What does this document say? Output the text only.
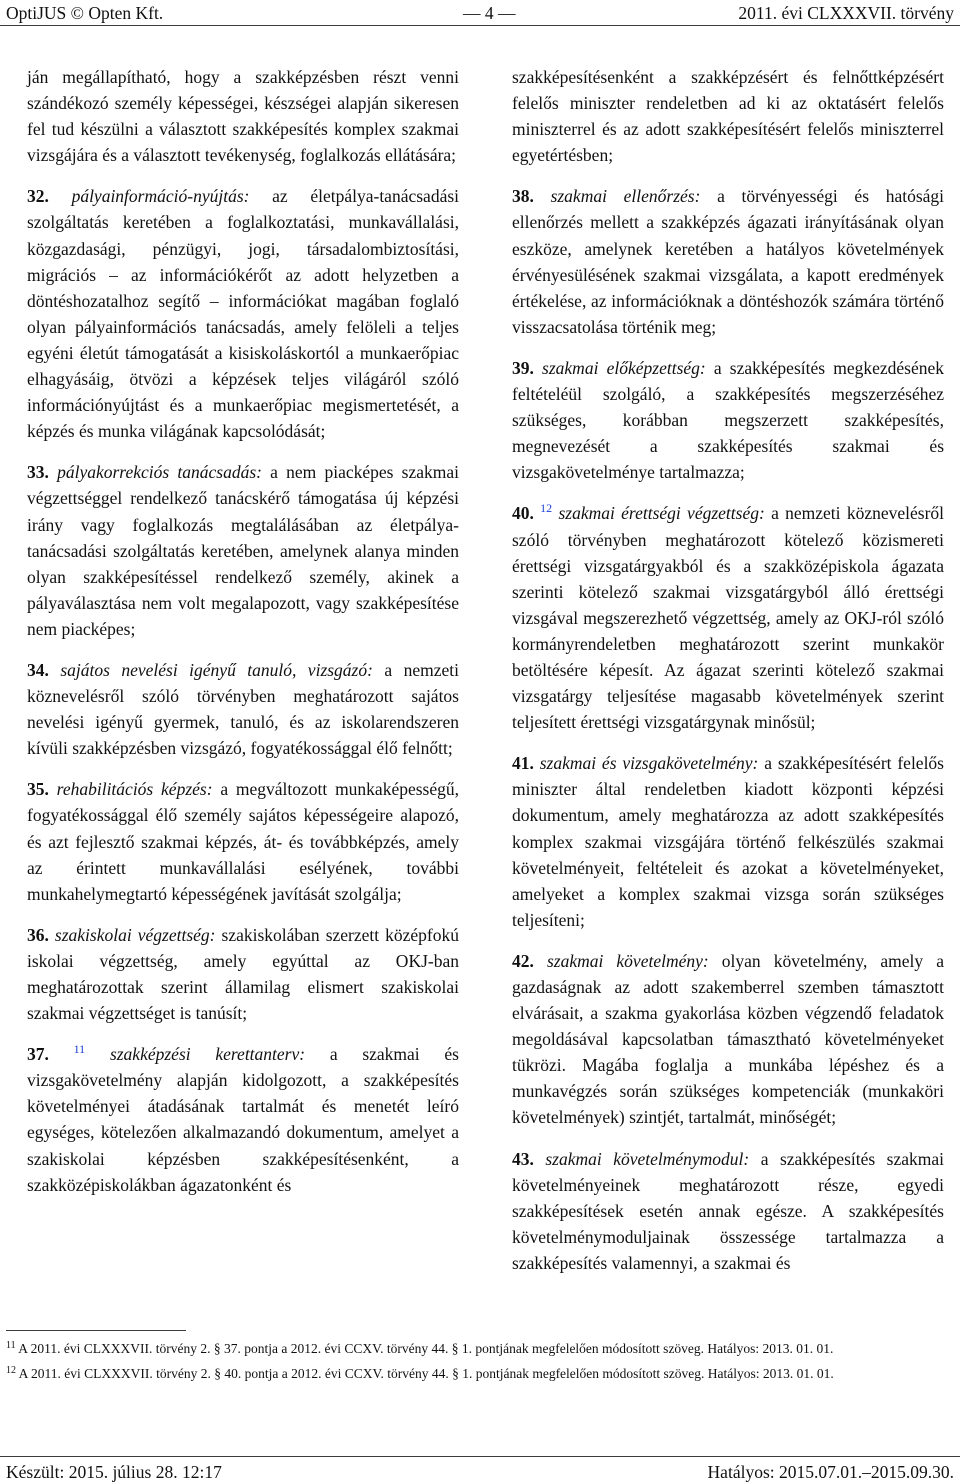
OptiJUS © Opten Kft.	— 4 —	2011. évi CLXXXVII. törvény

ján megállapítható, hogy a szakképzésben részt venni szándékozó személy képességei, készségei alapján sikeresen fel tud készülni a választott szakképesítés komplex szakmai vizsgájára és a választott tevékenység, foglalkozás ellátására;

32. pályainformáció-nyújtás: az életpálya-tanácsadási szolgáltatás keretében a foglalkoztatási, munkavállalási, közgazdasági, pénzügyi, jogi, társadalombiztosítási, migrációs – az információkérőt az adott helyzetben a döntéshozatalhoz segítő – információkat magában foglaló olyan pályainformációs tanácsadás, amely felöleli a teljes egyéni életút támogatását a kisiskoláskortól a munkaerőpiac elhagyásáig, ötvözi a képzések teljes világáról szóló információnyújtást és a munkaerőpiac megismertetését, a képzés és munka világának kapcsolódását;

33. pályakorrekciós tanácsadás: a nem piacképes szakmai végzettséggel rendelkező tanácskérő támogatása új képzési irány vagy foglalkozás megtalálásában az életpálya-tanácsadási szolgáltatás keretében, amelynek alanya minden olyan szakképesítéssel rendelkező személy, akinek a pályaválasztása nem volt megalapozott, vagy szakképesítése nem piacképes;

34. sajátos nevelési igényű tanuló, vizsgázó: a nemzeti köznevelésről szóló törvényben meghatározott sajátos nevelési igényű gyermek, tanuló, és az iskolarendszeren kívüli szakképzésben vizsgázó, fogyatékossággal élő felnőtt;

35. rehabilitációs képzés: a megváltozott munkaképességű, fogyatékossággal élő személy sajátos képességeire alapozó, és azt fejlesztő szakmai képzés, át- és továbbképzés, amely az érintett munkavállalási esélyének, további munkahelymegtartó képességének javítását szolgálja;

36. szakiskolai végzettség: szakiskolában szerzett középfokú iskolai végzettség, amely egyúttal az OKJ-ban meghatározottak szerint államilag elismert szakiskolai szakmai végzettséget is tanúsít;

37. $^{11}$ szakképzési kerettanterv: a szakmai és vizsgakövetelmény alapján kidolgozott, a szakképesítés követelményei átadásának tartalmát és menetét leíró egységes, kötelezően alkalmazandó dokumentum, amelyet a szakiskolai képzésben szakképesítésenként, a szakközépiskolákban ágazatonként és

szakképesítésenként a szakképzésért és felnőttképzésért felelős miniszter rendeletben ad ki az oktatásért felelős miniszterrel és az adott szakképesítésért felelős miniszterrel egyetértésben;

38. szakmai ellenőrzés: a törvényességi és hatósági ellenőrzés mellett a szakképzés ágazati irányításának olyan eszköze, amelynek keretében a hatályos követelmények érvényesülésének szakmai vizsgálata, a kapott eredmények értékelése, az információknak a döntéshozók számára történő visszacsatolása történik meg;

39. szakmai előképzettség: a szakképesítés megkezdésének feltételéül szolgáló, a szakképesítés megszerzéséhez szükséges, korábban megszerzett szakképesítés, megnevezését a szakképesítés szakmai és vizsgakövetelménye tartalmazza;

40. $^{12}$ szakmai érettségi végzettség: a nemzeti köznevelésről szóló törvényben meghatározott kötelező közismereti érettségi vizsgatárgyakból és a szakközépiskola ágazata szerinti kötelező szakmai vizsgatárgyból álló érettségi vizsgával megszerezhető végzettség, amely az OKJ-ról szóló kormányrendeletben meghatározott szerint munkakör betöltésére képesít. Az ágazat szerinti kötelező szakmai vizsgatárgy teljesítése magasabb követelmények szerint teljesített érettségi vizsgatárgynak minősül;

41. szakmai és vizsgakövetelmény: a szakképesítésért felelős miniszter által rendeletben kiadott központi képzési dokumentum, amely meghatározza az adott szakképesítés komplex szakmai vizsgájára történő felkészülés szakmai követelményeit, feltételeit és azokat a követelményeket, amelyeket a komplex szakmai vizsga során szükséges teljesíteni;

42. szakmai követelmény: olyan követelmény, amely a gazdaságnak az adott szakemberrel szemben támasztott elvárásait, a szakma gyakorlása közben végzendő feladatok megoldásával kapcsolatban támasztható követelményeket tükrözi. Magába foglalja a munkába lépéshez és a munkavégzés során szükséges kompetenciák (munkaköri követelmények) szintjét, tartalmát, minőségét;

43. szakmai követelménymodul: a szakképesítés szakmai követelményeinek meghatározott része, egyedi szakképesítések esetén annak egésze. A szakképesítés követelménymoduljainak összessége tartalmazza a szakképesítés valamennyi, a szakmai és

$^{11}$ A 2011. évi CLXXXVII. törvény 2. § 37. pontja a 2012. évi CCXV. törvény 44. § 1. pontjának megfelelően módosított szöveg. Hatályos: 2013. 01. 01.
$^{12}$ A 2011. évi CLXXXVII. törvény 2. § 40. pontja a 2012. évi CCXV. törvény 44. § 1. pontjának megfelelően módosított szöveg. Hatályos: 2013. 01. 01.
Készült: 2015. július 28. 12:17	Hatályos: 2015.07.01.–2015.09.30.
